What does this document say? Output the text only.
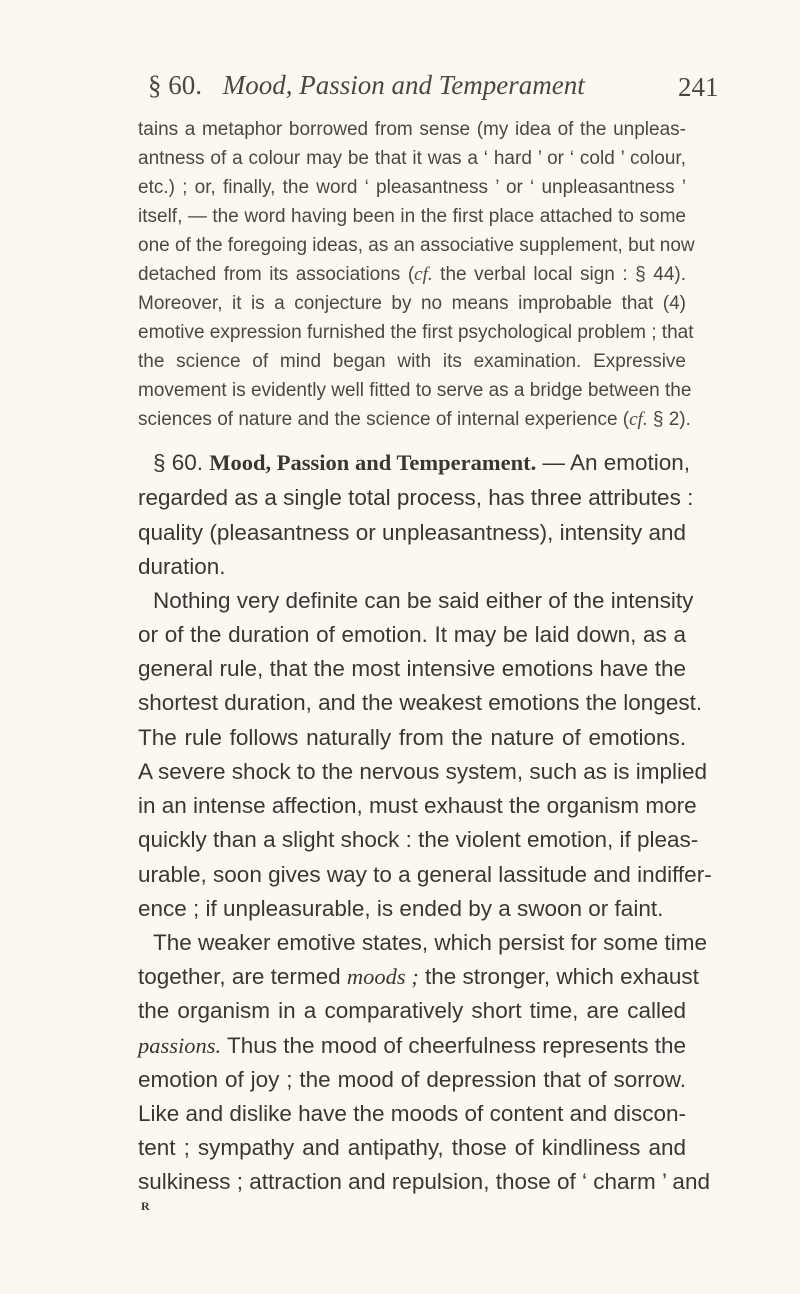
§ 60. Mood, Passion and Temperament	241
tains a metaphor borrowed from sense (my idea of the unpleas-
antness of a colour may be that it was a ‘ hard ’ or ‘ cold ’ colour,
etc.) ; or, finally, the word ‘ pleasantness ’ or ‘ unpleasantness ’
itself, — the word having been in the first place attached to some
one of the foregoing ideas, as an associative supplement, but now
detached from its associations (cf. the verbal local sign : § 44).
Moreover, it is a conjecture by no means improbable that (4)
emotive expression furnished the first psychological problem ; that
the science of mind began with its examination. Expressive
movement is evidently well fitted to serve as a bridge between the
sciences of nature and the science of internal experience (cf. § 2).
§ 60. Mood, Passion and Temperament. — An emotion,
regarded as a single total process, has three attributes :
quality (pleasantness or unpleasantness), intensity and
duration.
Nothing very definite can be said either of the intensity
or of the duration of emotion. It may be laid down, as a
general rule, that the most intensive emotions have the
shortest duration, and the weakest emotions the longest.
The rule follows naturally from the nature of emotions.
A severe shock to the nervous system, such as is implied
in an intense affection, must exhaust the organism more
quickly than a slight shock : the violent emotion, if pleas-
urable, soon gives way to a general lassitude and indiffer-
ence ; if unpleasurable, is ended by a swoon or faint.
The weaker emotive states, which persist for some time
together, are termed moods ; the stronger, which exhaust
the organism in a comparatively short time, are called
passions. Thus the mood of cheerfulness represents the
emotion of joy ; the mood of depression that of sorrow.
Like and dislike have the moods of content and discon-
tent ; sympathy and antipathy, those of kindliness and
sulkiness ; attraction and repulsion, those of ‘ charm ’ and
R
